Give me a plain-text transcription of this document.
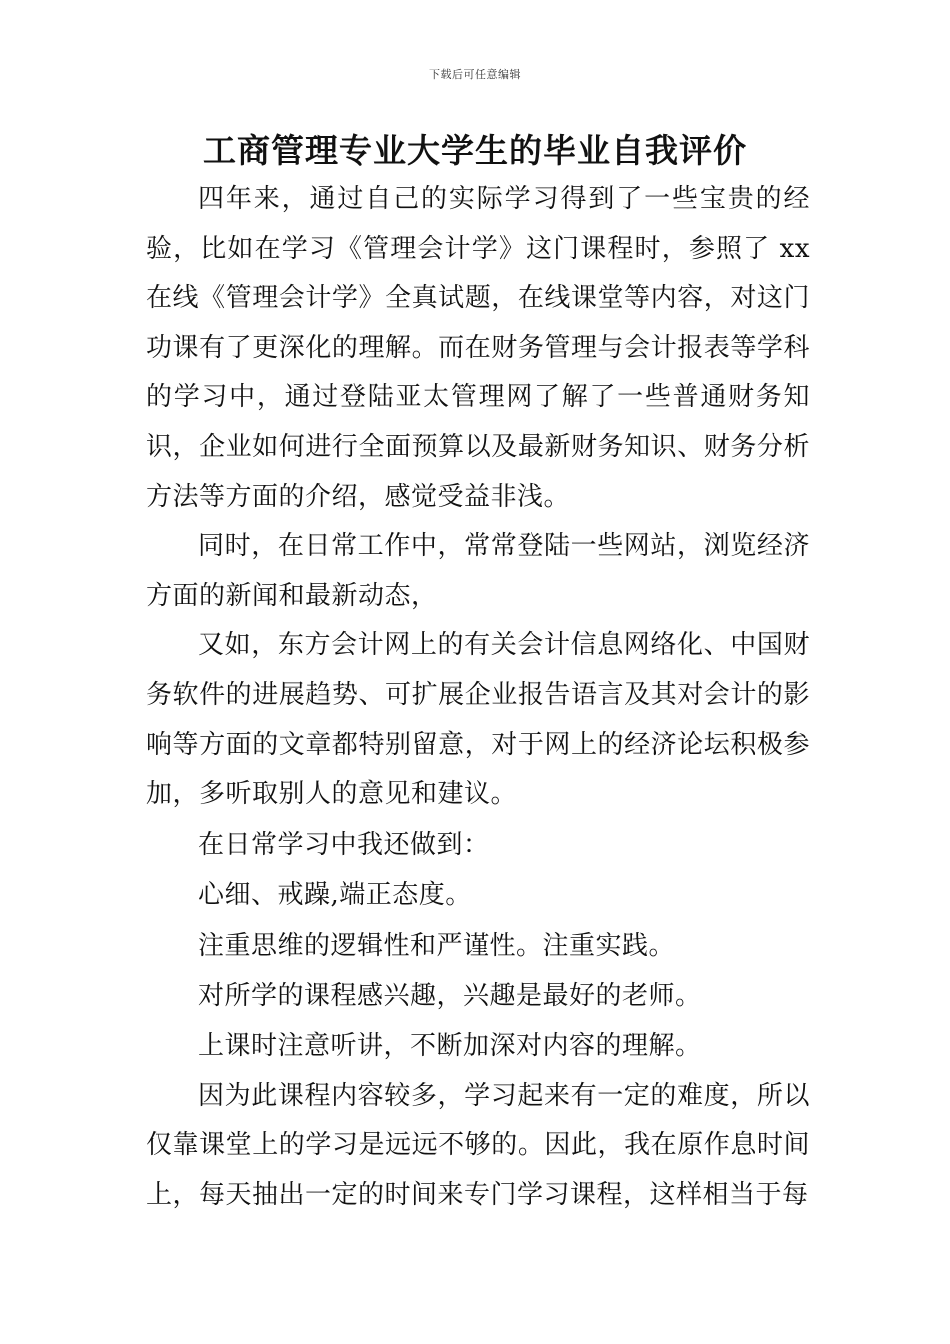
下载后可任意编辑
工商管理专业大学生的毕业自我评价

四年来，通过自己的实际学习得到了一些宝贵的经验，比如在学习《管理会计学》这门课程时，参照了 xx 在线《管理会计学》全真试题，在线课堂等内容，对这门功课有了更深化的理解。而在财务管理与会计报表等学科的学习中，通过登陆亚太管理网了解了一些普通财务知识，企业如何进行全面预算以及最新财务知识、财务分析方法等方面的介绍，感觉受益非浅。

同时，在日常工作中，常常登陆一些网站，浏览经济方面的新闻和最新动态，

又如，东方会计网上的有关会计信息网络化、中国财务软件的进展趋势、可扩展企业报告语言及其对会计的影响等方面的文章都特别留意，对于网上的经济论坛积极参加，多听取别人的意见和建议。

在日常学习中我还做到：

心细、戒躁,端正态度。

注重思维的逻辑性和严谨性。注重实践。

对所学的课程感兴趣，兴趣是最好的老师。

上课时注意听讲，不断加深对内容的理解。

因为此课程内容较多，学习起来有一定的难度，所以仅靠课堂上的学习是远远不够的。因此，我在原作息时间上，每天抽出一定的时间来专门学习课程，这样相当于每
